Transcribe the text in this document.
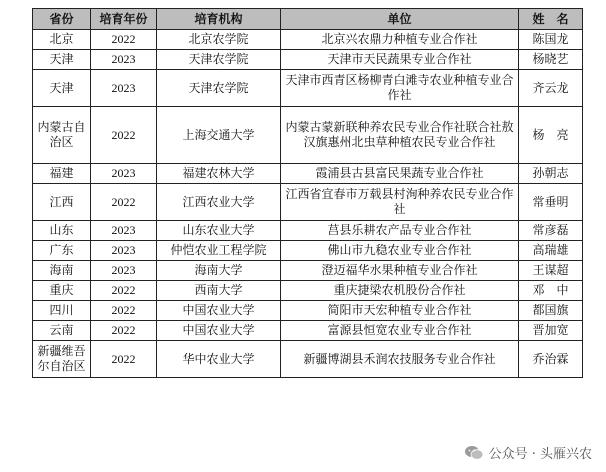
省份	培育年份	培育机构	单位	姓　名
北京	2022	北京农学院	北京兴农鼎力种植专业合作社	陈国龙
天津	2023	天津农学院	天津市天民蔬果专业合作社	杨晓艺
天津	2023	天津农学院	天津市西青区杨柳青白滩寺农业种植专业合作社	齐云龙
内蒙古自治区	2022	上海交通大学	内蒙古蒙新联种养农民专业合作社联合社敖汉旗惠州北虫草种植农民专业合作社	杨　亮
福建	2023	福建农林大学	霞浦县古县富民果蔬专业合作社	孙朝志
江西	2022	江西农业大学	江西省宜春市万载县村洵种养农民专业合作社	常垂明
山东	2023	山东农业大学	莒县乐耕农产品专业合作社	常彦磊
广东	2023	仲恺农业工程学院	佛山市九稳农业专业合作社	高瑞雄
海南	2023	海南大学	澄迈福华水果种植专业合作社	王谋超
重庆	2022	西南大学	重庆捷梁农机股份合作社	邓　中
四川	2022	中国农业大学	简阳市天宏种植专业合作社	都国旗
云南	2022	中国农业大学	富源县恒宽农业专业合作社	晋加宽
新疆维吾尔自治区	2022	华中农业大学	新疆博湖县禾润农技服务专业合作社	乔治霖
公众号 · 头雁兴农
